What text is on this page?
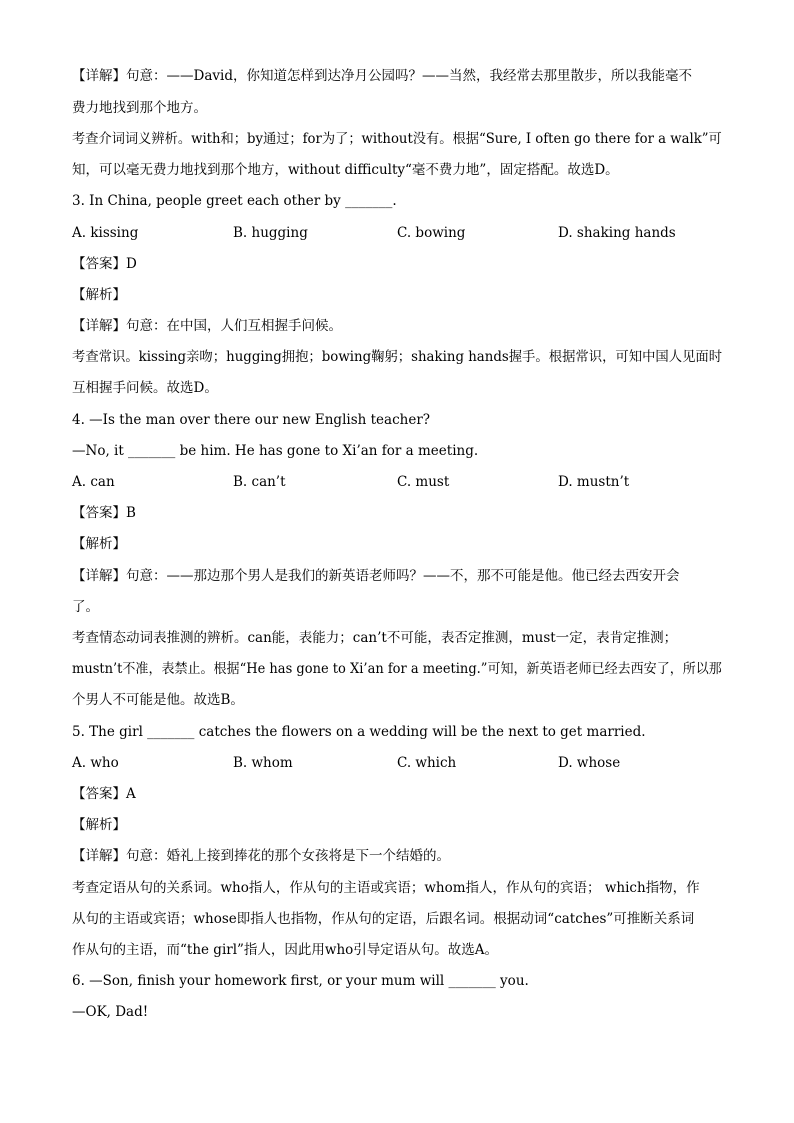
【详解】句意：——David，你知道怎样到达净月公园吗？——当然，我经常去那里散步，所以我能毫不
费力地找到那个地方。
考查介词词义辨析。with和；by通过；for为了；without没有。根据“Sure, I often go there for a walk”可
知，可以毫无费力地找到那个地方，without difficulty“毫不费力地”，固定搭配。故选D。
3. In China, people greet each other by _______.
A. kissing	B. hugging	C. bowing	D. shaking hands
【答案】D
【解析】
【详解】句意：在中国，人们互相握手问候。
考查常识。kissing亲吻；hugging拥抱；bowing鞠躬；shaking hands握手。根据常识，可知中国人见面时
互相握手问候。故选D。
4. —Is the man over there our new English teacher?
—No, it _______ be him. He has gone to Xi’an for a meeting.
A. can	B. can’t	C. must	D. mustn’t
【答案】B
【解析】
【详解】句意：——那边那个男人是我们的新英语老师吗？——不，那不可能是他。他已经去西安开会
了。
考查情态动词表推测的辨析。can能，表能力；can’t不可能，表否定推测，must一定，表肯定推测；
mustn’t不准，表禁止。根据“He has gone to Xi’an for a meeting.”可知，新英语老师已经去西安了，所以那
个男人不可能是他。故选B。
5. The girl _______ catches the flowers on a wedding will be the next to get married.
A. who	B. whom	C. which	D. whose
【答案】A
【解析】
【详解】句意：婚礼上接到捧花的那个女孩将是下一个结婚的。
考查定语从句的关系词。who指人，作从句的主语或宾语；whom指人，作从句的宾语； which指物，作
从句的主语或宾语；whose即指人也指物，作从句的定语，后跟名词。根据动词“catches”可推断关系词
作从句的主语，而“the girl”指人，因此用who引导定语从句。故选A。
6. —Son, finish your homework first, or your mum will _______ you.
—OK, Dad!
